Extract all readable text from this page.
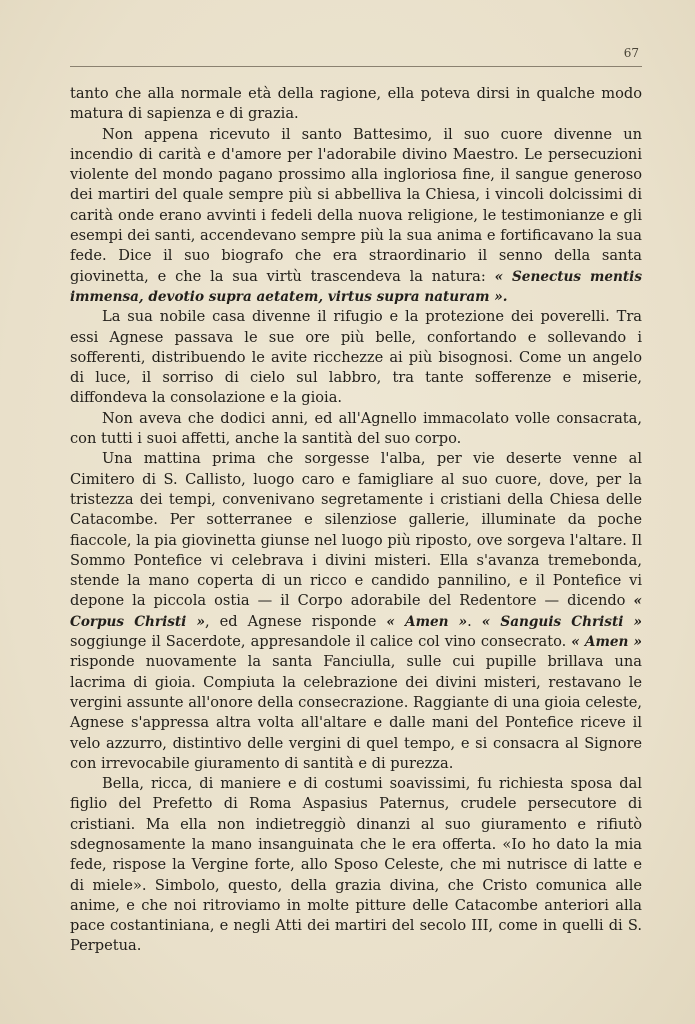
67

tanto che alla normale età della ragione, ella poteva dirsi in qualche modo matura di sapienza e di grazia.

Non appena ricevuto il santo Battesimo, il suo cuore divenne un incendio di carità e d'amore per l'adorabile divino Maestro. Le persecuzioni violente del mondo pagano prossimo alla ingloriosa fine, il sangue generoso dei martiri del quale sempre più si abbelliva la Chiesa, i vincoli dolcissimi di carità onde erano avvinti i fedeli della nuova religione, le testimonianze e gli esempi dei santi, accendevano sempre più la sua anima e fortificavano la sua fede. Dice il suo biografo che era straordinario il senno della santa giovinetta, e che la sua virtù trascendeva la natura: « Senectus mentis immensa, devotio supra aetatem, virtus supra naturam ».

La sua nobile casa divenne il rifugio e la protezione dei poverelli. Tra essi Agnese passava le sue ore più belle, confortando e sollevando i sofferenti, distribuendo le avite ricchezze ai più bisognosi. Come un angelo di luce, il sorriso di cielo sul labbro, tra tante sofferenze e miserie, diffondeva la consolazione e la gioia.

Non aveva che dodici anni, ed all'Agnello immacolato volle consacrata, con tutti i suoi affetti, anche la santità del suo corpo.

Una mattina prima che sorgesse l'alba, per vie deserte venne al Cimitero di S. Callisto, luogo caro e famigliare al suo cuore, dove, per la tristezza dei tempi, convenivano segretamente i cristiani della Chiesa delle Catacombe. Per sotterranee e silenziose gallerie, illuminate da poche fiaccole, la pia giovinetta giunse nel luogo più riposto, ove sorgeva l'altare. Il Sommo Pontefice vi celebrava i divini misteri. Ella s'avanza tremebonda, stende la mano coperta di un ricco e candido pannilino, e il Pontefice vi depone la piccola ostia — il Corpo adorabile del Redentore — dicendo « Corpus Christi », ed Agnese risponde « Amen ». « Sanguis Christi » soggiunge il Sacerdote, appresandole il calice col vino consecrato. « Amen » risponde nuovamente la santa Fanciulla, sulle cui pupille brillava una lacrima di gioia. Compiuta la celebrazione dei divini misteri, restavano le vergini assunte all'onore della consecrazione. Raggiante di una gioia celeste, Agnese s'appressa altra volta all'altare e dalle mani del Pontefice riceve il velo azzurro, distintivo delle vergini di quel tempo, e si consacra al Signore con irrevocabile giuramento di santità e di purezza.

Bella, ricca, di maniere e di costumi soavissimi, fu richiesta sposa dal figlio del Prefetto di Roma Aspasius Paternus, crudele persecutore di cristiani. Ma ella non indietreggiò dinanzi al suo giuramento e rifiutò sdegnosamente la mano insanguinata che le era offerta. «Io ho dato la mia fede, rispose la Vergine forte, allo Sposo Celeste, che mi nutrisce di latte e di miele». Simbolo, questo, della grazia divina, che Cristo comunica alle anime, e che noi ritroviamo in molte pitture delle Catacombe anteriori alla pace costantiniana, e negli Atti dei martiri del secolo III, come in quelli di S. Perpetua.
